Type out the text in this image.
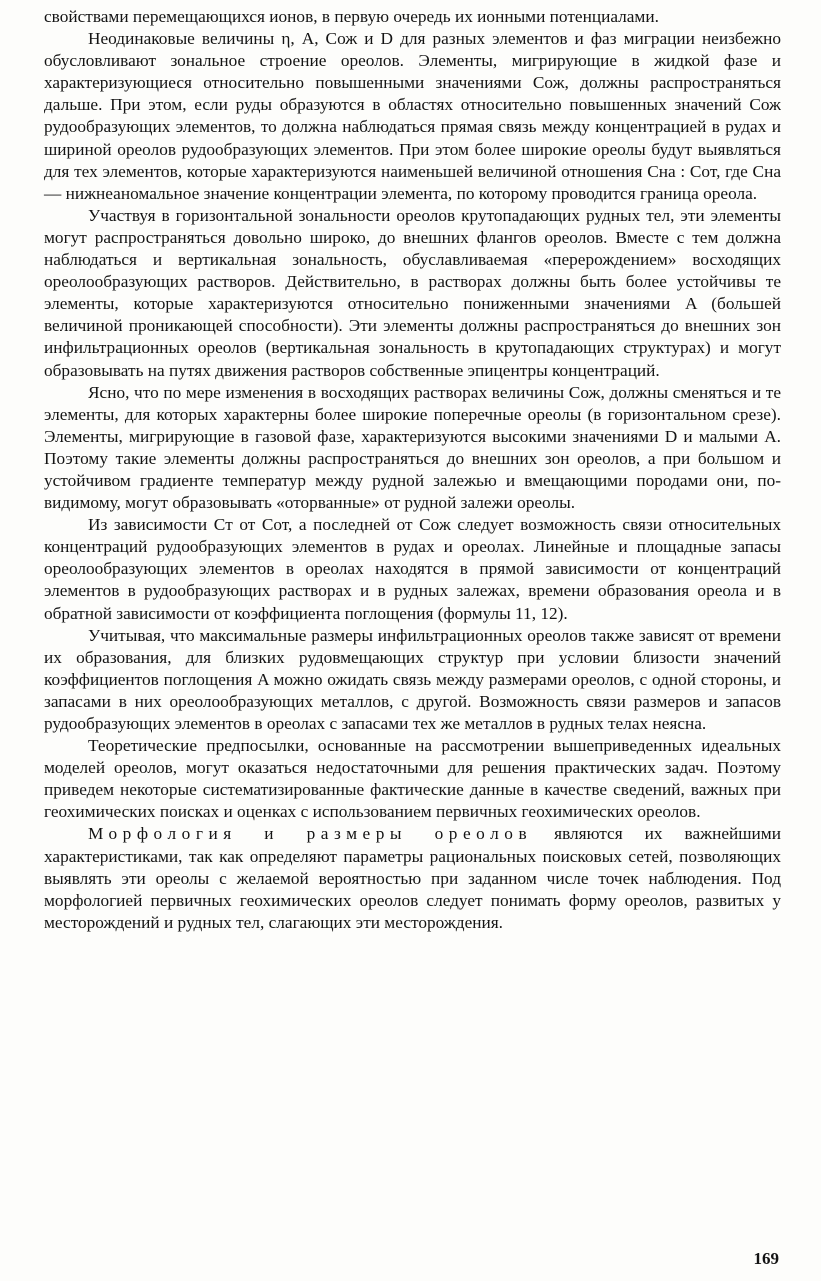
свойствами перемещающихся ионов, в первую очередь их ионными потенциалами.

Неодинаковые величины η, A, Cож и D для разных элементов и фаз миграции неизбежно обусловливают зональное строение ореолов. Элементы, мигрирующие в жидкой фазе и характеризующиеся относительно повышенными значениями Cож, должны распространяться дальше. При этом, если руды образуются в областях относительно повышенных значений Cож рудообразующих элементов, то должна наблюдаться прямая связь между концентрацией в рудах и шириной ореолов рудообразующих элементов. При этом более широкие ореолы будут выявляться для тех элементов, которые характеризуются наименьшей величиной отношения Cна : Cот, где Cна — нижнеаномальное значение концентрации элемента, по которому проводится граница ореола.

Участвуя в горизонтальной зональности ореолов крутопадающих рудных тел, эти элементы могут распространяться довольно широко, до внешних флангов ореолов. Вместе с тем должна наблюдаться и вертикальная зональность, обуславливаемая «перерождением» восходящих ореолообразующих растворов. Действительно, в растворах должны быть более устойчивы те элементы, которые характеризуются относительно пониженными значениями A (большей величиной проникающей способности). Эти элементы должны распространяться до внешних зон инфильтрационных ореолов (вертикальная зональность в крутопадающих структурах) и могут образовывать на путях движения растворов собственные эпицентры концентраций.

Ясно, что по мере изменения в восходящих растворах величины Cож, должны сменяться и те элементы, для которых характерны более широкие поперечные ореолы (в горизонтальном срезе). Элементы, мигрирующие в газовой фазе, характеризуются высокими значениями D и малыми A. Поэтому такие элементы должны распространяться до внешних зон ореолов, а при большом и устойчивом градиенте температур между рудной залежью и вмещающими породами они, по-видимому, могут образовывать «оторванные» от рудной залежи ореолы.

Из зависимости Cт от Cот, а последней от Cож следует возможность связи относительных концентраций рудообразующих элементов в рудах и ореолах. Линейные и площадные запасы ореолообразующих элементов в ореолах находятся в прямой зависимости от концентраций элементов в рудообразующих растворах и в рудных залежах, времени образования ореола и в обратной зависимости от коэффициента поглощения (формулы 11, 12).

Учитывая, что максимальные размеры инфильтрационных ореолов также зависят от времени их образования, для близких рудовмещающих структур при условии близости значений коэффициентов поглощения A можно ожидать связь между размерами ореолов, с одной стороны, и запасами в них ореолообразующих металлов, с другой. Возможность связи размеров и запасов рудообразующих элементов в ореолах с запасами тех же металлов в рудных телах неясна.

Теоретические предпосылки, основанные на рассмотрении вышеприведенных идеальных моделей ореолов, могут оказаться недостаточными для решения практических задач. Поэтому приведем некоторые систематизированные фактические данные в качестве сведений, важных при геохимических поисках и оценках с использованием первичных геохимических ореолов.

Морфология и размеры ореолов являются их важнейшими характеристиками, так как определяют параметры рациональных поисковых сетей, позволяющих выявлять эти ореолы с желаемой вероятностью при заданном числе точек наблюдения. Под морфологией первичных геохимических ореолов следует понимать форму ореолов, развитых у месторождений и рудных тел, слагающих эти месторождения.

169
